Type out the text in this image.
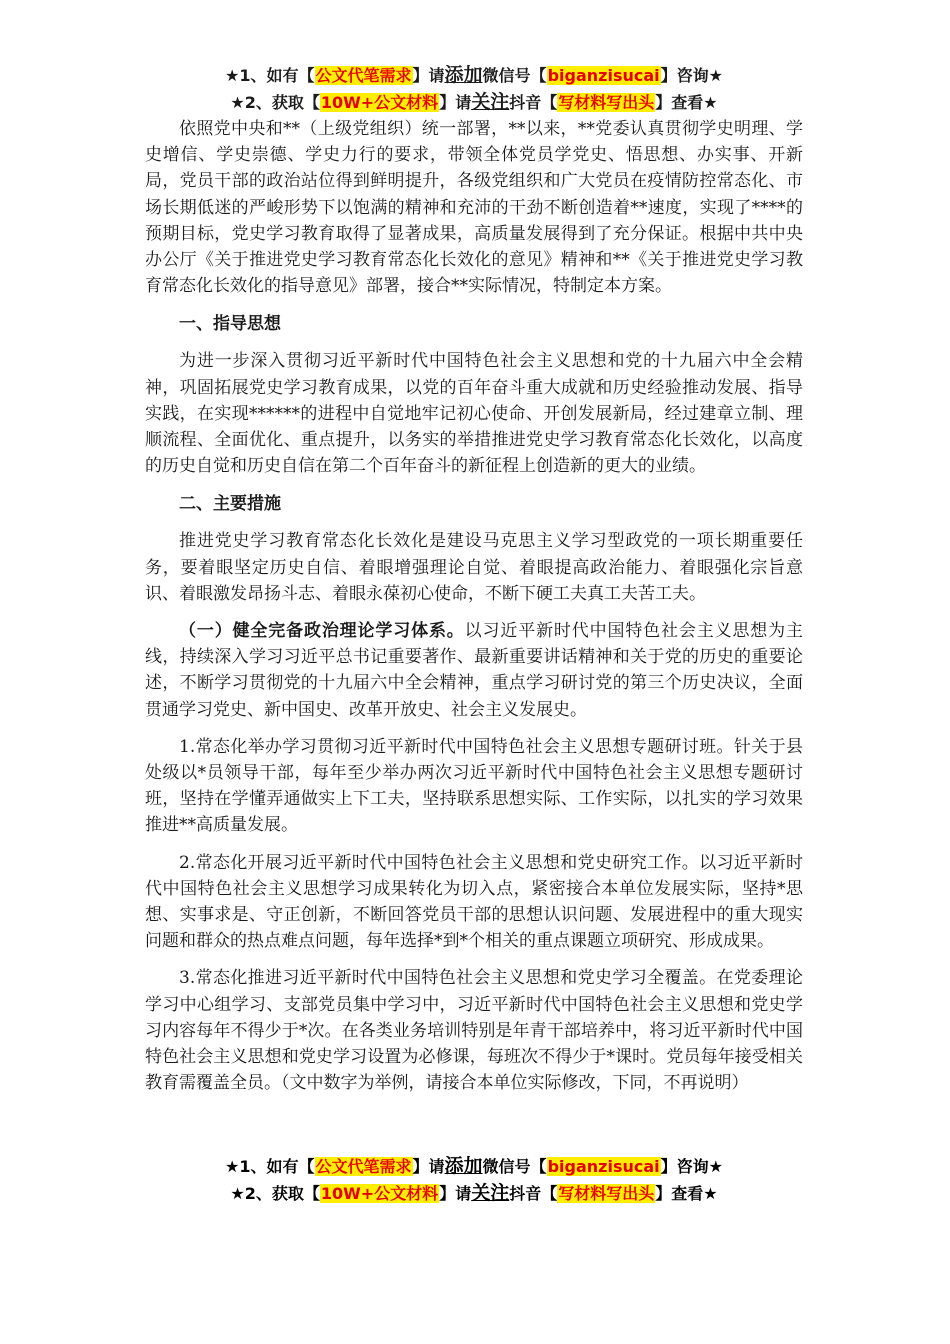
★1、如有【公文代笔需求】请添加微信号【biganzisucai】咨询★
★2、获取【10W+公文材料】请关注抖音【写材料写出头】查看★

依照党中央和**（上级党组织）统一部署，**以来，**党委认真贯彻学史明理、学史增信、学史崇德、学史力行的要求，带领全体党员学党史、悟思想、办实事、开新局，党员干部的政治站位得到鲜明提升，各级党组织和广大党员在疫情防控常态化、市场长期低迷的严峻形势下以饱满的精神和充沛的干劲不断创造着**速度，实现了****的预期目标，党史学习教育取得了显著成果，高质量发展得到了充分保证。根据中共中央办公厅《关于推进党史学习教育常态化长效化的意见》精神和**《关于推进党史学习教育常态化长效化的指导意见》部署，接合**实际情况，特制定本方案。

一、指导思想

为进一步深入贯彻习近平新时代中国特色社会主义思想和党的十九届六中全会精神，巩固拓展党史学习教育成果，以党的百年奋斗重大成就和历史经验推动发展、指导实践，在实现******的进程中自觉地牢记初心使命、开创发展新局，经过建章立制、理顺流程、全面优化、重点提升，以务实的举措推进党史学习教育常态化长效化，以高度的历史自觉和历史自信在第二个百年奋斗的新征程上创造新的更大的业绩。

二、主要措施

推进党史学习教育常态化长效化是建设马克思主义学习型政党的一项长期重要任务，要着眼坚定历史自信、着眼增强理论自觉、着眼提高政治能力、着眼强化宗旨意识、着眼激发昂扬斗志、着眼永葆初心使命，不断下硬工夫真工夫苦工夫。

（一）健全完备政治理论学习体系。以习近平新时代中国特色社会主义思想为主线，持续深入学习习近平总书记重要著作、最新重要讲话精神和关于党的历史的重要论述，不断学习贯彻党的十九届六中全会精神，重点学习研讨党的第三个历史决议，全面贯通学习党史、新中国史、改革开放史、社会主义发展史。

1.常态化举办学习贯彻习近平新时代中国特色社会主义思想专题研讨班。针关于县处级以*员领导干部，每年至少举办两次习近平新时代中国特色社会主义思想专题研讨班，坚持在学懂弄通做实上下工夫，坚持联系思想实际、工作实际，以扎实的学习效果推进**高质量发展。

2.常态化开展习近平新时代中国特色社会主义思想和党史研究工作。以习近平新时代中国特色社会主义思想学习成果转化为切入点，紧密接合本单位发展实际，坚持*思想、实事求是、守正创新，不断回答党员干部的思想认识问题、发展进程中的重大现实问题和群众的热点难点问题，每年选择*到*个相关的重点课题立项研究、形成成果。

3.常态化推进习近平新时代中国特色社会主义思想和党史学习全覆盖。在党委理论学习中心组学习、支部党员集中学习中，习近平新时代中国特色社会主义思想和党史学习内容每年不得少于*次。在各类业务培训特别是年青干部培养中，将习近平新时代中国特色社会主义思想和党史学习设置为必修课，每班次不得少于*课时。党员每年接受相关教育需覆盖全员。（文中数字为举例，请接合本单位实际修改，下同，不再说明）

★1、如有【公文代笔需求】请添加微信号【biganzisucai】咨询★
★2、获取【10W+公文材料】请关注抖音【写材料写出头】查看★
